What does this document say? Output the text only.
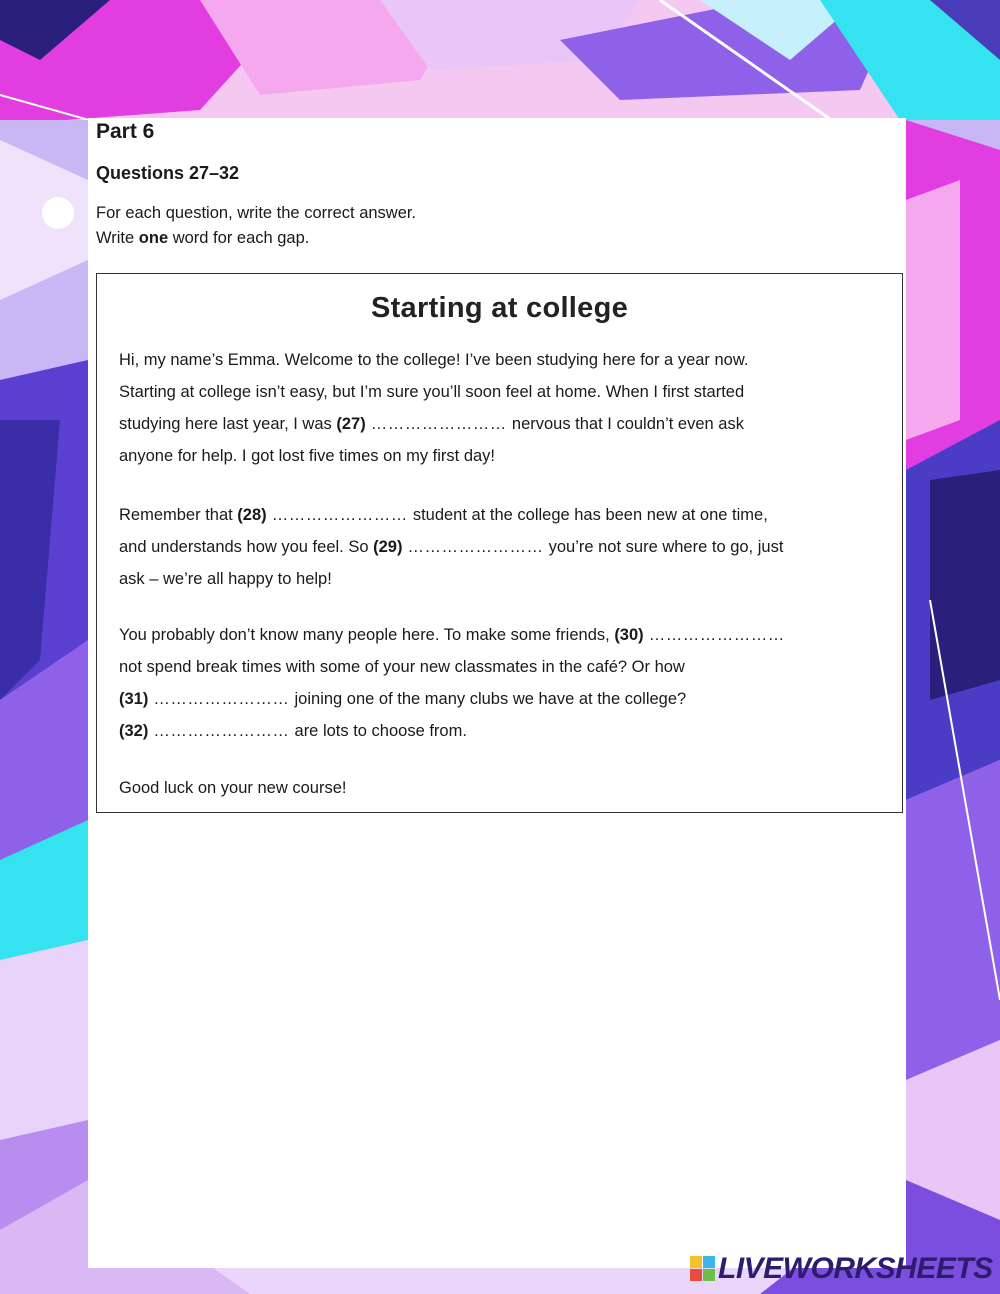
Part 6
Questions 27–32
For each question, write the correct answer.
Write one word for each gap.
Starting at college
Hi, my name’s Emma. Welcome to the college! I’ve been studying here for a year now.
Starting at college isn’t easy, but I’m sure you’ll soon feel at home. When I first started
studying here last year, I was (27) …………………… nervous that I couldn’t even ask
anyone for help. I got lost five times on my first day!
Remember that (28) …………………… student at the college has been new at one time,
and understands how you feel. So (29) …………………… you’re not sure where to go, just
ask – we’re all happy to help!
You probably don’t know many people here. To make some friends, (30) ……………………
not spend break times with some of your new classmates in the café? Or how
(31) …………………… joining one of the many clubs we have at the college?
(32) …………………… are lots to choose from.
Good luck on your new course!
LIVEWORKSHEETS
